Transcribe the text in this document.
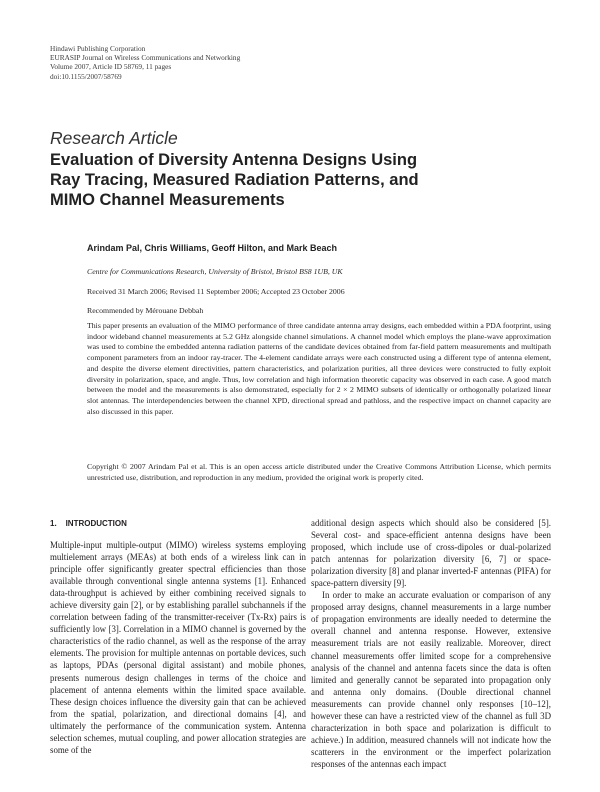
Hindawi Publishing Corporation
EURASIP Journal on Wireless Communications and Networking
Volume 2007, Article ID 58769, 11 pages
doi:10.1155/2007/58769
Research Article
Evaluation of Diversity Antenna Designs Using
Ray Tracing, Measured Radiation Patterns, and
MIMO Channel Measurements
Arindam Pal, Chris Williams, Geoff Hilton, and Mark Beach
Centre for Communications Research, University of Bristol, Bristol BS8 1UB, UK
Received 31 March 2006; Revised 11 September 2006; Accepted 23 October 2006
Recommended by Mérouane Debbah
This paper presents an evaluation of the MIMO performance of three candidate antenna array designs, each embedded within a PDA footprint, using indoor wideband channel measurements at 5.2 GHz alongside channel simulations. A channel model which employs the plane-wave approximation was used to combine the embedded antenna radiation patterns of the candidate devices obtained from far-field pattern measurements and multipath component parameters from an indoor ray-tracer. The 4-element candidate arrays were each constructed using a different type of antenna element, and despite the diverse element directivities, pattern characteristics, and polarization purities, all three devices were constructed to fully exploit diversity in polarization, space, and angle. Thus, low correlation and high information theoretic capacity was observed in each case. A good match between the model and the measurements is also demonstrated, especially for 2 × 2 MIMO subsets of identically or orthogonally polarized linear slot antennas. The interdependencies between the channel XPD, directional spread and pathloss, and the respective impact on channel capacity are also discussed in this paper.
Copyright © 2007 Arindam Pal et al. This is an open access article distributed under the Creative Commons Attribution License, which permits unrestricted use, distribution, and reproduction in any medium, provided the original work is properly cited.
1. INTRODUCTION

Multiple-input multiple-output (MIMO) wireless systems employing multielement arrays (MEAs) at both ends of a wireless link can in principle offer significantly greater spectral efficiencies than those available through conventional single antenna systems [1]. Enhanced data-throughput is achieved by either combining received signals to achieve diversity gain [2], or by establishing parallel subchannels if the correlation between fading of the transmitter-receiver (Tx-Rx) pairs is sufficiently low [3]. Correlation in a MIMO channel is governed by the characteristics of the radio channel, as well as the response of the array elements. The provision for multiple antennas on portable devices, such as laptops, PDAs (personal digital assistant) and mobile phones, presents numerous design challenges in terms of the choice and placement of antenna elements within the limited space available. These design choices influence the diversity gain that can be achieved from the spatial, polarization, and directional domains [4], and ultimately the performance of the communication system. Antenna selection schemes, mutual coupling, and power allocation strategies are some of the

additional design aspects which should also be considered [5]. Several cost- and space-efficient antenna designs have been proposed, which include use of cross-dipoles or dual-polarized patch antennas for polarization diversity [6, 7] or space-polarization diversity [8] and planar inverted-F antennas (PIFA) for space-pattern diversity [9].

In order to make an accurate evaluation or comparison of any proposed array designs, channel measurements in a large number of propagation environments are ideally needed to determine the overall channel and antenna response. However, extensive measurement trials are not easily realizable. Moreover, direct channel measurements offer limited scope for a comprehensive analysis of the channel and antenna facets since the data is often limited and generally cannot be separated into propagation only and antenna only domains. (Double directional channel measurements can provide channel only responses [10–12], however these can have a restricted view of the channel as full 3D characterization in both space and polarization is difficult to achieve.) In addition, measured channels will not indicate how the scatterers in the environment or the imperfect polarization responses of the antennas each impact
